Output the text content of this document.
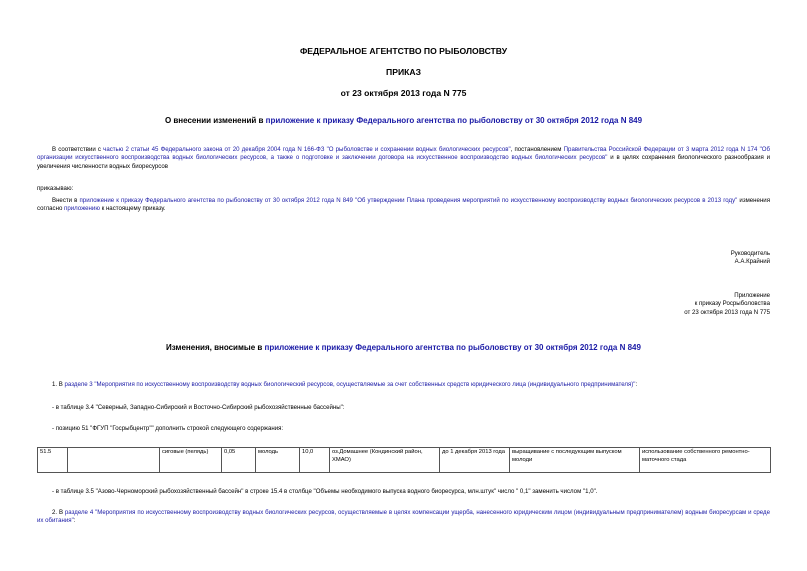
ФЕДЕРАЛЬНОЕ АГЕНТСТВО ПО РЫБОЛОВСТВУ
ПРИКАЗ
от 23 октября 2013 года N 775
О внесении изменений в приложение к приказу Федерального агентства по рыболовству от 30 октября 2012 года N 849
В соответствии с частью 2 статьи 45 Федерального закона от 20 декабря 2004 года N 166-ФЗ "О рыболовстве и сохранении водных биологических ресурсов", постановлением Правительства Российской Федерации от 3 марта 2012 года N 174 "Об организации искусственного воспроизводства водных биологических ресурсов, а также о подготовке и заключении договора на искусственное воспроизводство водных биологических ресурсов" и в целях сохранения биологического разнообразия и увеличения численности водных биоресурсов
приказываю:
Внести в приложение к приказу Федерального агентства по рыболовству от 30 октября 2012 года N 849 "Об утверждении Плана проведения мероприятий по искусственному воспроизводству водных биологических ресурсов в 2013 году" изменения согласно приложению к настоящему приказу.
Руководитель
А.А.Крайний
Приложение
к приказу Росрыболовства
от 23 октября 2013 года N 775
Изменения, вносимые в приложение к приказу Федерального агентства по рыболовству от 30 октября 2012 года N 849
1. В разделе 3 "Мероприятия по искусственному воспроизводству водных биологический ресурсов, осуществляемые за счет собственных средств юридического лица (индивидуального предпринимателя)":
- в таблице 3.4 "Северный, Западно-Сибирский и Восточно-Сибирский рыбохозяйственные бассейны":
- позицию 51 "ФГУП "Госрыбцентр"" дополнить строкой следующего содержания:
51.5		сиговые (пелядь)	0,05	молодь	10,0	оз.Домашнее (Кондинский район, ХМАО)	до 1 декабря 2013 года	выращивание с последующим выпуском молоди	использование собственного ремонтно-маточного стада
- в таблице 3.5 "Азово-Черноморский рыбохозяйственный бассейн" в строке 15.4 в столбце "Объемы необходимого выпуска водного биоресурса, млн.штук" число " 0,1" заменить числом "1,0".
2. В разделе 4 "Мероприятия по искусственному воспроизводству водных биологических ресурсов, осуществляемые в целях компенсации ущерба, нанесенного юридическим лицом (индивидуальным предпринимателем) водным биоресурсам и среде их обитания":
